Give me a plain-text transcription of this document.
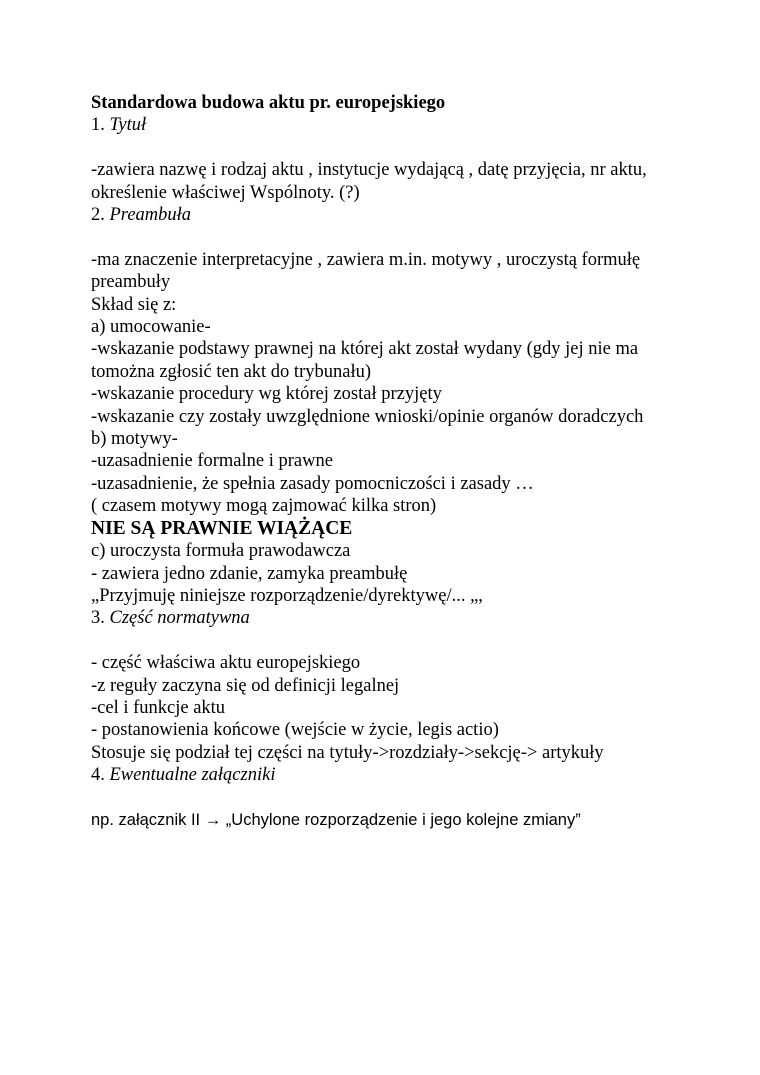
Standardowa budowa aktu pr. europejskiego
1. Tytuł
-zawiera nazwę i rodzaj aktu , instytucje wydającą , datę przyjęcia, nr aktu,
określenie właściwej Wspólnoty. (?)
2. Preambuła
-ma znaczenie interpretacyjne , zawiera m.in. motywy , uroczystą formułę
preambuły
Skład się z:
a) umocowanie-
-wskazanie podstawy prawnej na której akt został wydany (gdy jej nie ma
tomożna zgłosić ten akt do trybunału)
-wskazanie procedury wg której został przyjęty
-wskazanie czy zostały uwzględnione wnioski/opinie organów doradczych
b) motywy-
-uzasadnienie formalne i prawne
-uzasadnienie, że spełnia zasady pomocniczości i zasady …
( czasem motywy mogą zajmować kilka stron)
NIE SĄ PRAWNIE WIĄŻĄCE
c) uroczysta formuła prawodawcza
- zawiera jedno zdanie, zamyka preambułę
„Przyjmuję niniejsze rozporządzenie/dyrektywę/... „,
3. Część normatywna
- część właściwa aktu europejskiego
-z reguły zaczyna się od definicji legalnej
-cel i funkcje aktu
- postanowienia końcowe (wejście w życie, legis actio)
Stosuje się podział tej części na tytuły->rozdziały->sekcję-> artykuły
4. Ewentualne załączniki
np. załącznik II → „Uchylone rozporządzenie i jego kolejne zmiany”
